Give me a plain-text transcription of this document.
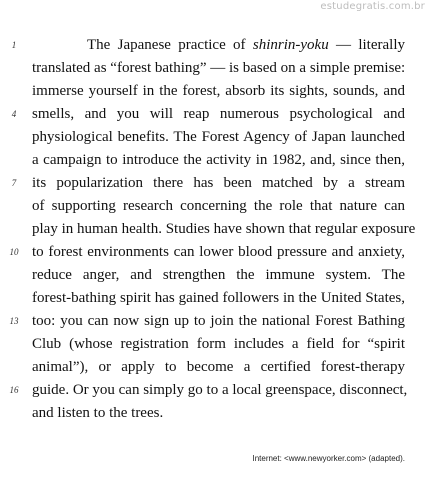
estudegratis.com.br
1
4
7
10
13
16
The Japanese practice of shinrin-yoku — literally
translated as “forest bathing” — is based on a simple premise:
immerse yourself in the forest, absorb its sights, sounds, and
smells, and you will reap numerous psychological and
physiological benefits. The Forest Agency of Japan launched
a campaign to introduce the activity in 1982, and, since then,
its popularization there has been matched by a stream
of supporting research concerning the role that nature can
play in human health. Studies have shown that regular exposure
to forest environments can lower blood pressure and anxiety,
reduce anger, and strengthen the immune system. The
forest-bathing spirit has gained followers in the United States,
too: you can now sign up to join the national Forest Bathing
Club (whose registration form includes a field for “spirit
animal”), or apply to become a certified forest-therapy
guide. Or you can simply go to a local greenspace, disconnect,
and listen to the trees.
Internet: <www.newyorker.com> (adapted).
